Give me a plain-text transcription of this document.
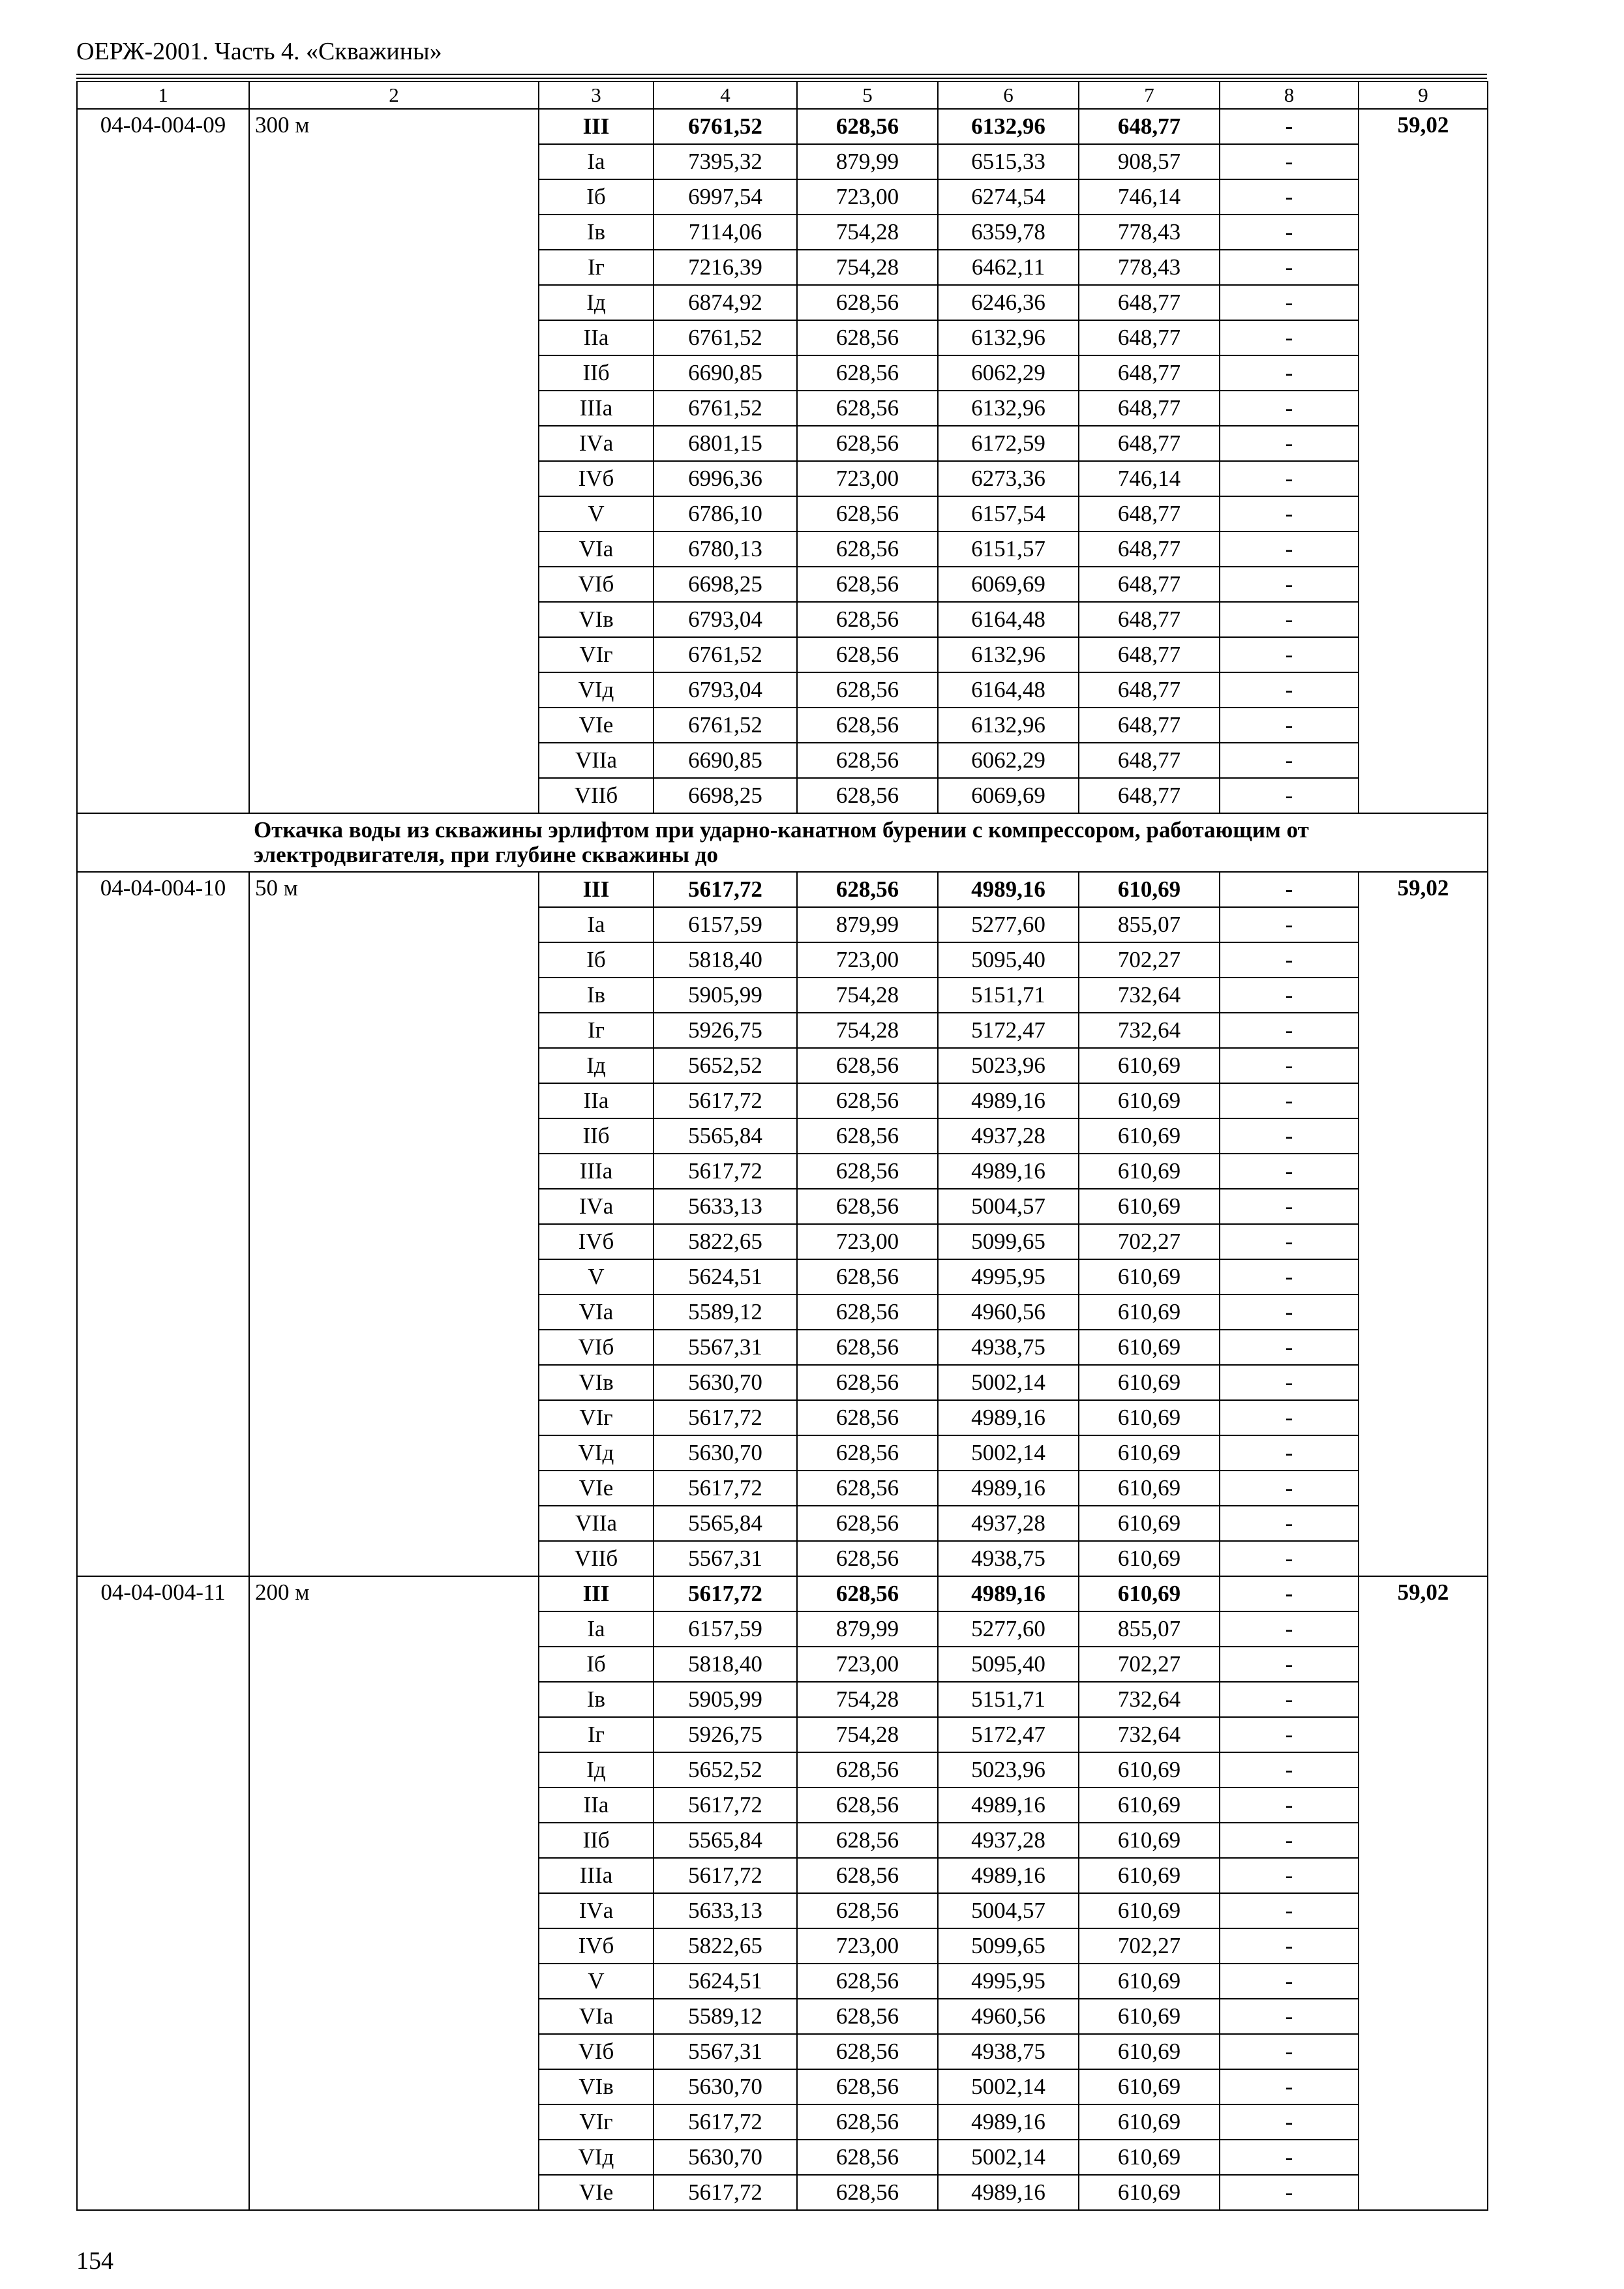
ОЕРЖ-2001. Часть 4. «Скважины»
1	2	3	4	5	6	7	8	9
04-04-004-09	300 м	III	6761,52	628,56	6132,96	648,77	-	59,02
		Iа	7395,32	879,99	6515,33	908,57	-	
		Iб	6997,54	723,00	6274,54	746,14	-	
		Iв	7114,06	754,28	6359,78	778,43	-	
		Iг	7216,39	754,28	6462,11	778,43	-	
		Iд	6874,92	628,56	6246,36	648,77	-	
		IIа	6761,52	628,56	6132,96	648,77	-	
		IIб	6690,85	628,56	6062,29	648,77	-	
		IIIа	6761,52	628,56	6132,96	648,77	-	
		IVа	6801,15	628,56	6172,59	648,77	-	
		IVб	6996,36	723,00	6273,36	746,14	-	
		V	6786,10	628,56	6157,54	648,77	-	
		VIа	6780,13	628,56	6151,57	648,77	-	
		VIб	6698,25	628,56	6069,69	648,77	-	
		VIв	6793,04	628,56	6164,48	648,77	-	
		VIг	6761,52	628,56	6132,96	648,77	-	
		VIд	6793,04	628,56	6164,48	648,77	-	
		VIе	6761,52	628,56	6132,96	648,77	-	
		VIIа	6690,85	628,56	6062,29	648,77	-	
		VIIб	6698,25	628,56	6069,69	648,77	-	
Откачка воды из скважины эрлифтом при ударно-канатном бурении с компрессором, работающим от электродвигателя, при глубине скважины до								
04-04-004-10	50 м	III	5617,72	628,56	4989,16	610,69	-	59,02
		Iа	6157,59	879,99	5277,60	855,07	-	
		Iб	5818,40	723,00	5095,40	702,27	-	
		Iв	5905,99	754,28	5151,71	732,64	-	
		Iг	5926,75	754,28	5172,47	732,64	-	
		Iд	5652,52	628,56	5023,96	610,69	-	
		IIа	5617,72	628,56	4989,16	610,69	-	
		IIб	5565,84	628,56	4937,28	610,69	-	
		IIIа	5617,72	628,56	4989,16	610,69	-	
		IVа	5633,13	628,56	5004,57	610,69	-	
		IVб	5822,65	723,00	5099,65	702,27	-	
		V	5624,51	628,56	4995,95	610,69	-	
		VIа	5589,12	628,56	4960,56	610,69	-	
		VIб	5567,31	628,56	4938,75	610,69	-	
		VIв	5630,70	628,56	5002,14	610,69	-	
		VIг	5617,72	628,56	4989,16	610,69	-	
		VIд	5630,70	628,56	5002,14	610,69	-	
		VIе	5617,72	628,56	4989,16	610,69	-	
		VIIа	5565,84	628,56	4937,28	610,69	-	
		VIIб	5567,31	628,56	4938,75	610,69	-	
04-04-004-11	200 м	III	5617,72	628,56	4989,16	610,69	-	59,02
		Iа	6157,59	879,99	5277,60	855,07	-	
		Iб	5818,40	723,00	5095,40	702,27	-	
		Iв	5905,99	754,28	5151,71	732,64	-	
		Iг	5926,75	754,28	5172,47	732,64	-	
		Iд	5652,52	628,56	5023,96	610,69	-	
		IIа	5617,72	628,56	4989,16	610,69	-	
		IIб	5565,84	628,56	4937,28	610,69	-	
		IIIа	5617,72	628,56	4989,16	610,69	-	
		IVа	5633,13	628,56	5004,57	610,69	-	
		IVб	5822,65	723,00	5099,65	702,27	-	
		V	5624,51	628,56	4995,95	610,69	-	
		VIа	5589,12	628,56	4960,56	610,69	-	
		VIб	5567,31	628,56	4938,75	610,69	-	
		VIв	5630,70	628,56	5002,14	610,69	-	
		VIг	5617,72	628,56	4989,16	610,69	-	
		VIд	5630,70	628,56	5002,14	610,69	-	
		VIе	5617,72	628,56	4989,16	610,69	-	
154
